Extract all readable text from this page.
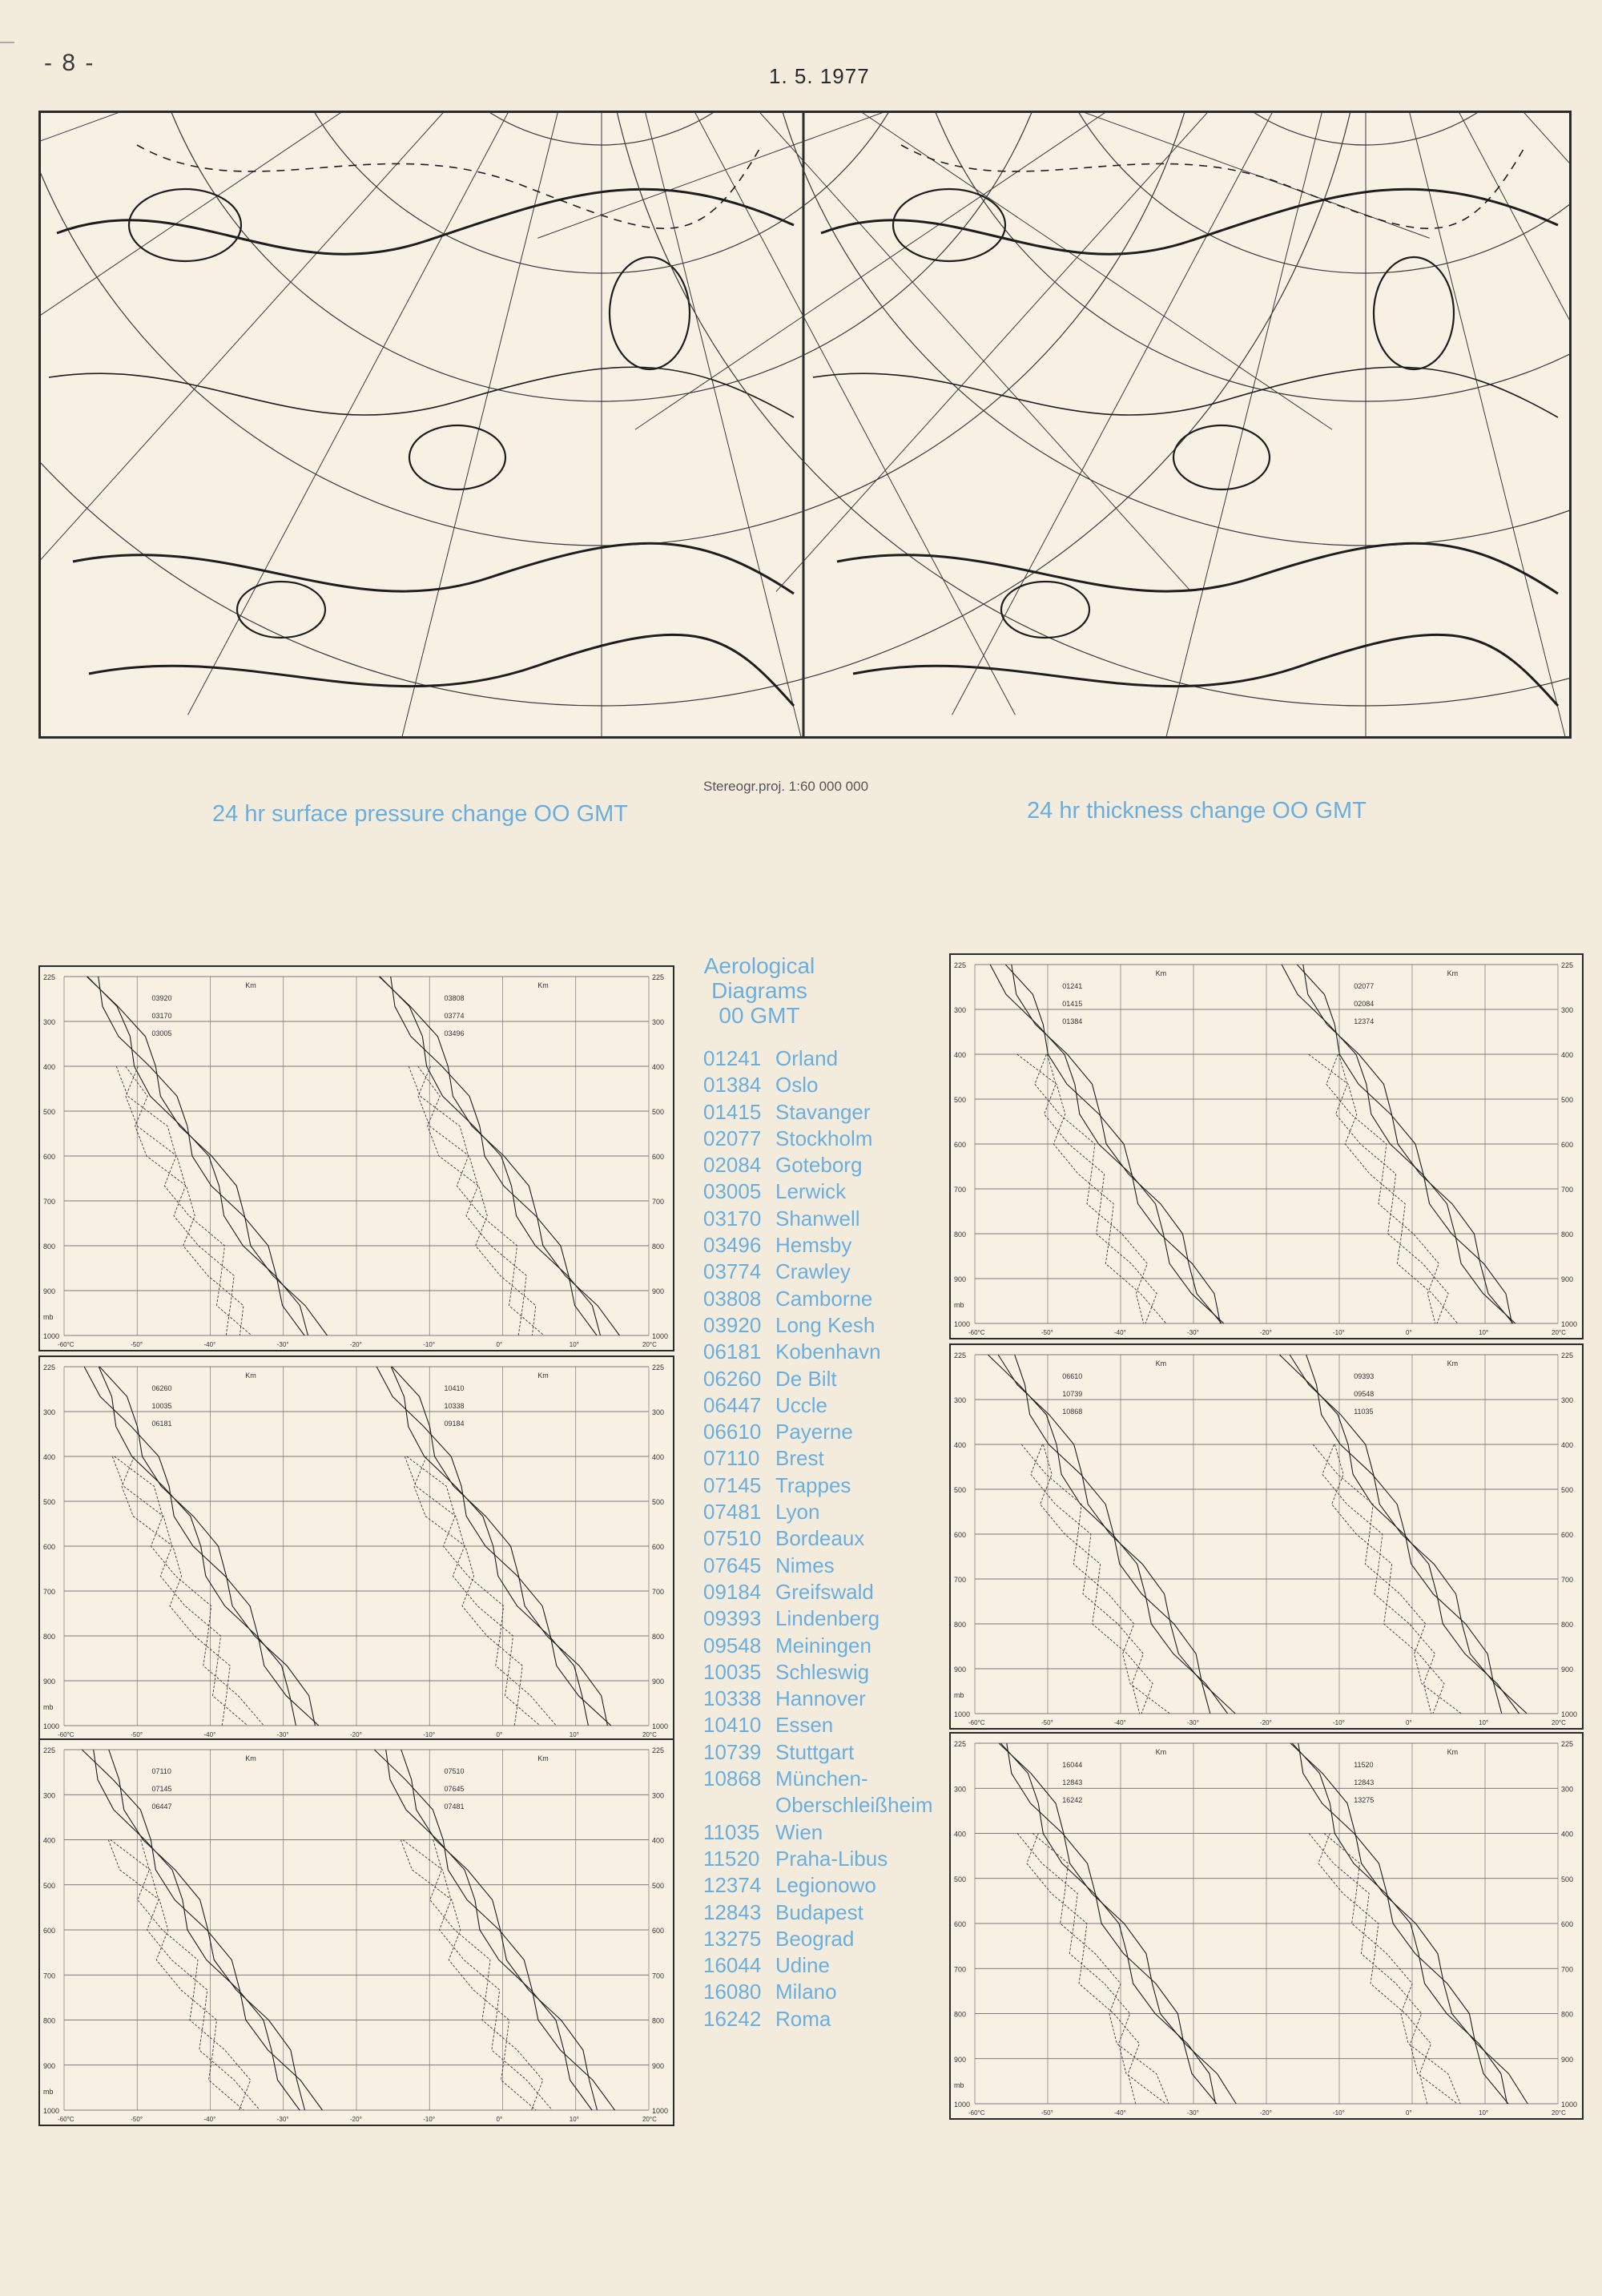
- 8 -	1. 5. 1977
24 hr surface pressure change OO GMT
Stereogr.proj. 1:60 000 000
24 hr thickness change OO GMT
225	225
300	300
400	400
500	500
600	600
700	700
800	800
900	900
1000	1000
-60°C	-50°	-40°	-30°	-20°	-10°	0°	10°	20°C
03920
03170
03005
Km
03808
03774
03496
Km
mb
225	225
300	300
400	400
500	500
600	600
700	700
800	800
900	900
1000	1000
-60°C	-50°	-40°	-30°	-20°	-10°	0°	10°	20°C
06260
10035
06181
Km
10410
10338
09184
Km
mb
225	225
300	300
400	400
500	500
600	600
700	700
800	800
900	900
1000	1000
-60°C	-50°	-40°	-30°	-20°	-10°	0°	10°	20°C
07110
07145
06447
Km
07510
07645
07481
Km
mb
225	225
300	300
400	400
500	500
600	600
700	700
800	800
900	900
1000	1000
-60°C	-50°	-40°	-30°	-20°	-10°	0°	10°	20°C
01241
01415
01384
Km
02077
02084
12374
Km
mb
225	225
300	300
400	400
500	500
600	600
700	700
800	800
900	900
1000	1000
-60°C	-50°	-40°	-30°	-20°	-10°	0°	10°	20°C
06610
10739
10868
Km
09393
09548
11035
Km
mb
225	225
300	300
400	400
500	500
600	600
700	700
800	800
900	900
1000	1000
-60°C	-50°	-40°	-30°	-20°	-10°	0°	10°	20°C
16044
12843
16242
Km
11520
12843
13275
Km
mb
Aerological
Diagrams
00 GMT
01241 Orland
01384 Oslo
01415 Stavanger
02077 Stockholm
02084 Goteborg
03005 Lerwick
03170 Shanwell
03496 Hemsby
03774 Crawley
03808 Camborne
03920 Long Kesh
06181 Kobenhavn
06260 De Bilt
06447 Uccle
06610 Payerne
07110 Brest
07145 Trappes
07481 Lyon
07510 Bordeaux
07645 Nimes
09184 Greifswald
09393 Lindenberg
09548 Meiningen
10035 Schleswig
10338 Hannover
10410 Essen
10739 Stuttgart
10868 München-
Oberschleißheim
11035 Wien
11520 Praha-Libus
12374 Legionowo
12843 Budapest
13275 Beograd
16044 Udine
16080 Milano
16242 Roma
